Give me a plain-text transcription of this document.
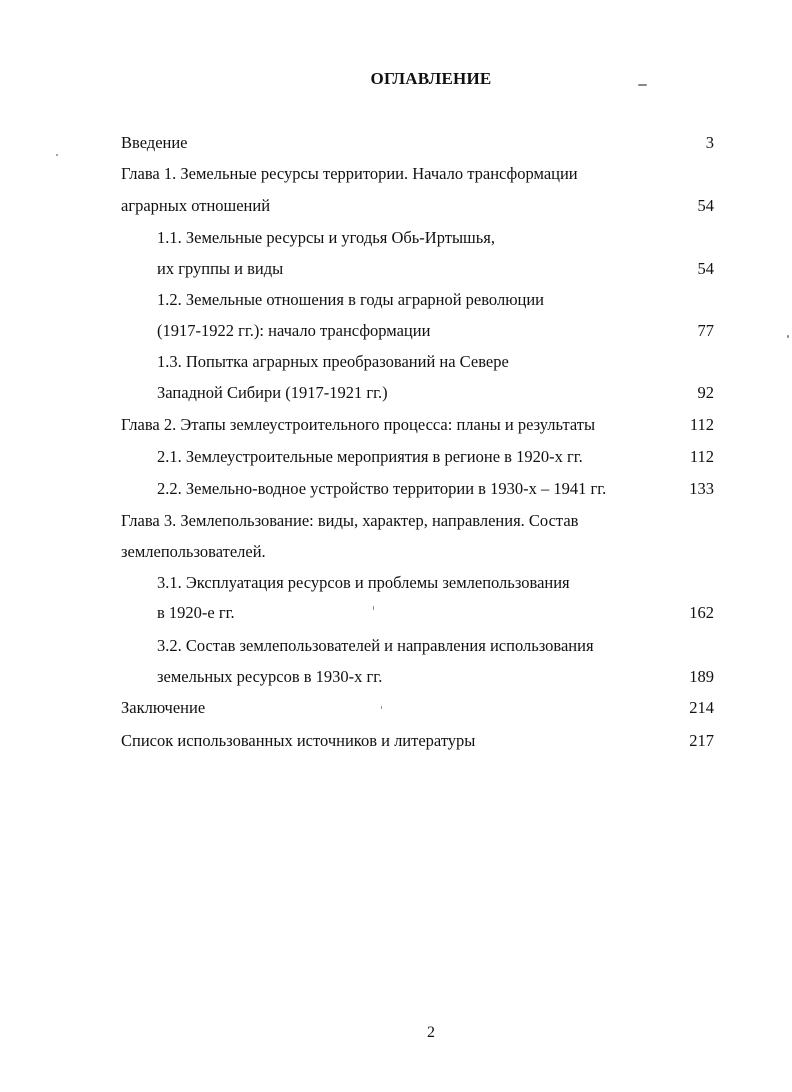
ОГЛАВЛЕНИЕ
Введение	3
Глава 1. Земельные ресурсы территории. Начало трансформации
аграрных отношений	54
1.1. Земельные ресурсы и угодья Обь-Иртышья,
их группы и виды	54
1.2. Земельные отношения в годы аграрной революции
(1917-1922 гг.): начало трансформации	77
1.3. Попытка аграрных преобразований на Севере
Западной Сибири (1917-1921 гг.)	92
Глава 2. Этапы землеустроительного процесса: планы и результаты	112
2.1. Землеустроительные мероприятия в регионе в 1920-х гг.	112
2.2. Земельно-водное устройство территории в 1930-х – 1941 гг.	133
Глава 3. Землепользование: виды, характер, направления. Состав
землепользователей.
3.1. Эксплуатация ресурсов и проблемы землепользования
в 1920-е гг.	162
3.2. Состав землепользователей и направления использования
земельных ресурсов в 1930-х гг.	189
Заключение	214
Список использованных источников и литературы	217
2
